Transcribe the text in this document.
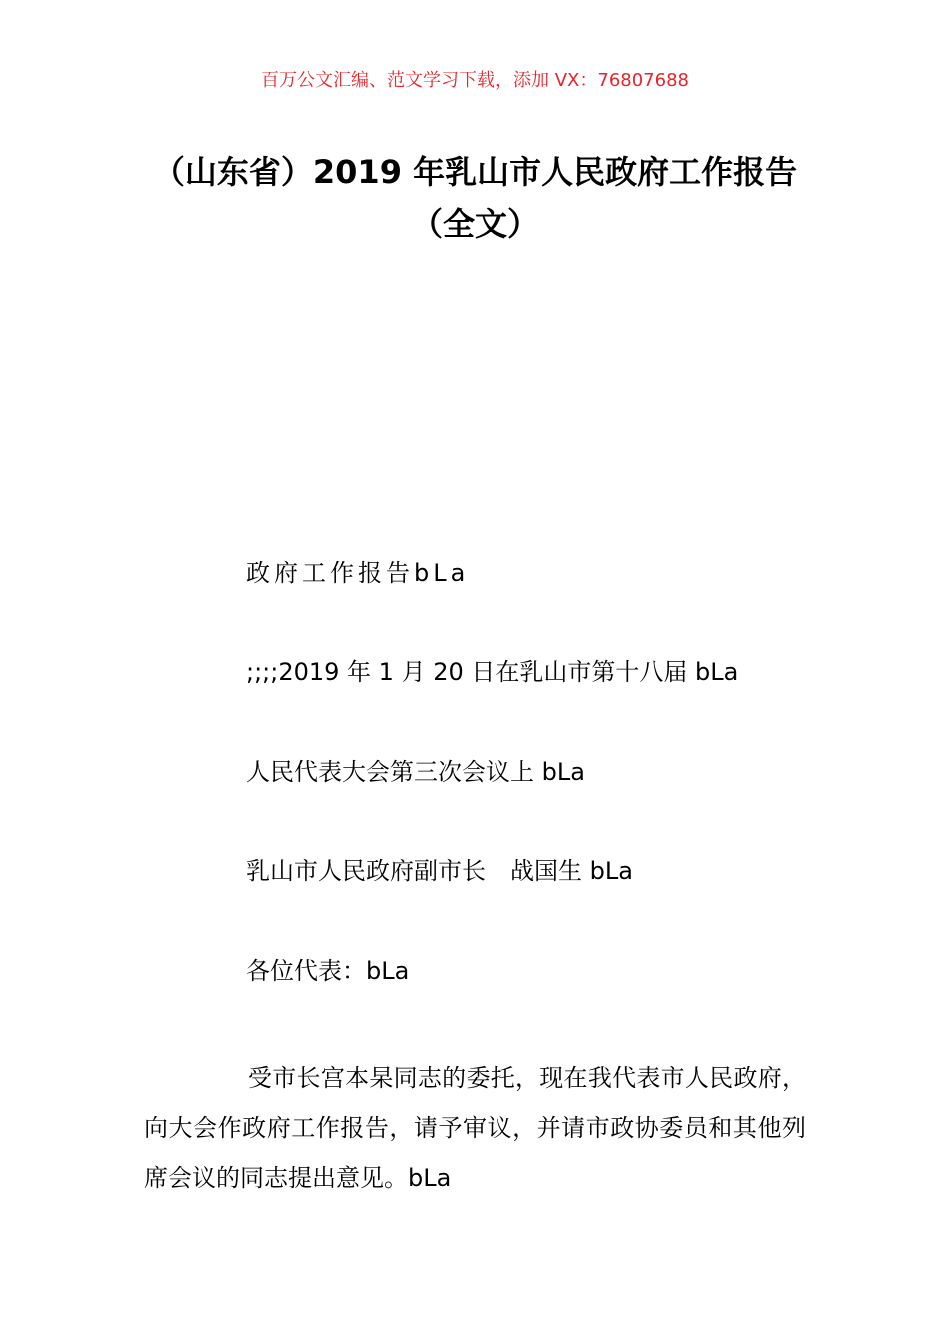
百万公文汇编、范文学习下载，添加 VX：76807688
（山东省）2019 年乳山市人民政府工作报告（全文）

政府工作报告bLa

;;;;2019 年 1 月 20 日在乳山市第十八届 bLa

人民代表大会第三次会议上 bLa

乳山市人民政府副市长　战国生 bLa

各位代表：bLa

受市长宫本杲同志的委托，现在我代表市人民政府，向大会作政府工作报告，请予审议，并请市政协委员和其他列席会议的同志提出意见。bLa
